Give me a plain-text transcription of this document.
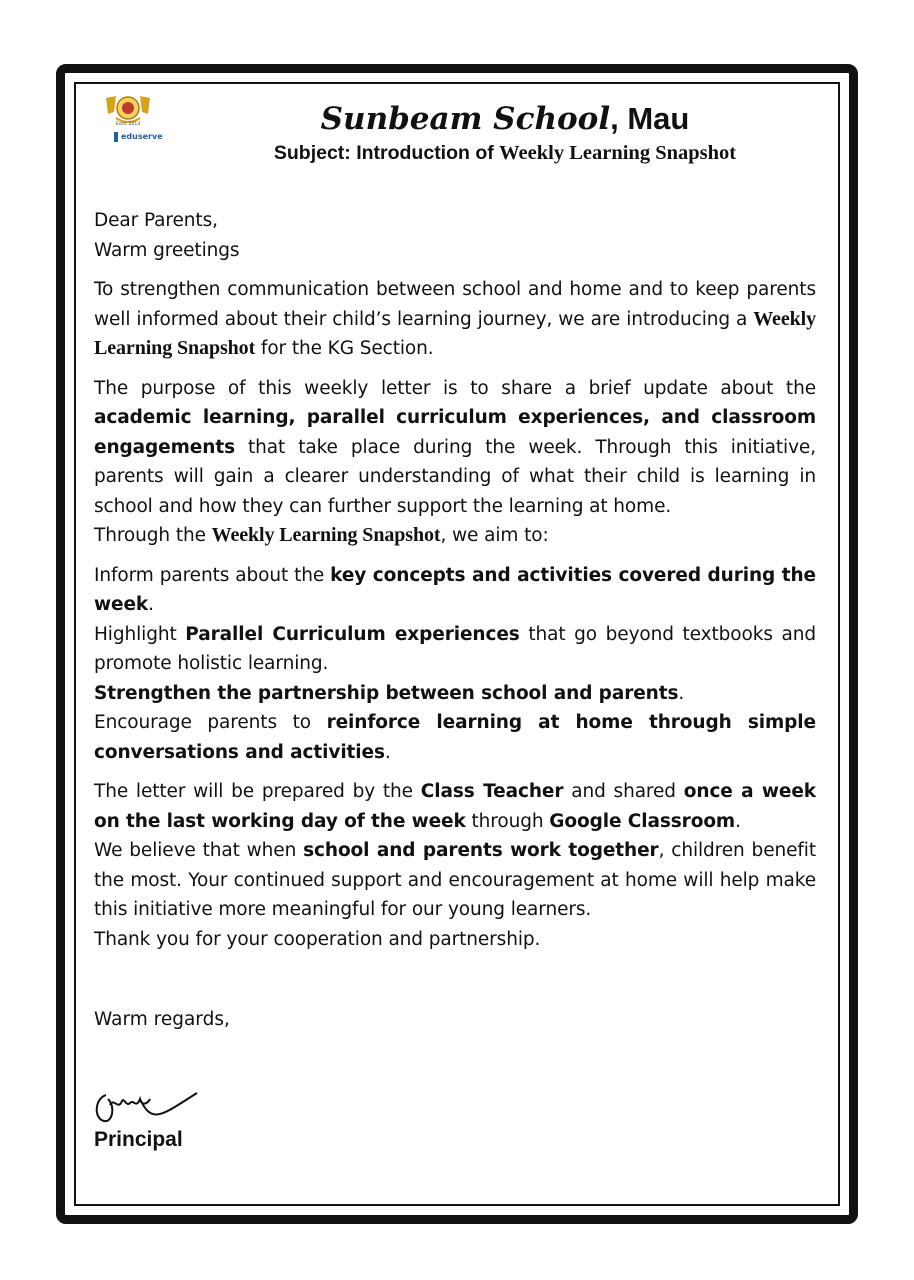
Estd. 2013
eduserve	Sunbeam School, Mau
Subject: Introduction of Weekly Learning Snapshot

Dear Parents,

Warm greetings

To strengthen communication between school and home and to keep parents well informed about their child’s learning journey, we are introducing a Weekly Learning Snapshot for the KG Section.

The purpose of this weekly letter is to share a brief update about the academic learning, parallel curriculum experiences, and classroom engagements that take place during the week. Through this initiative, parents will gain a clearer understanding of what their child is learning in school and how they can further support the learning at home.

Through the Weekly Learning Snapshot, we aim to:

Inform parents about the key concepts and activities covered during the week.
Highlight Parallel Curriculum experiences that go beyond textbooks and promote holistic learning.
Strengthen the partnership between school and parents.
Encourage parents to reinforce learning at home through simple conversations and activities.

The letter will be prepared by the Class Teacher and shared once a week on the last working day of the week through Google Classroom.

We believe that when school and parents work together, children benefit the most. Your continued support and encouragement at home will help make this initiative more meaningful for our young learners.

Thank you for your cooperation and partnership.

Warm regards,
Principal
